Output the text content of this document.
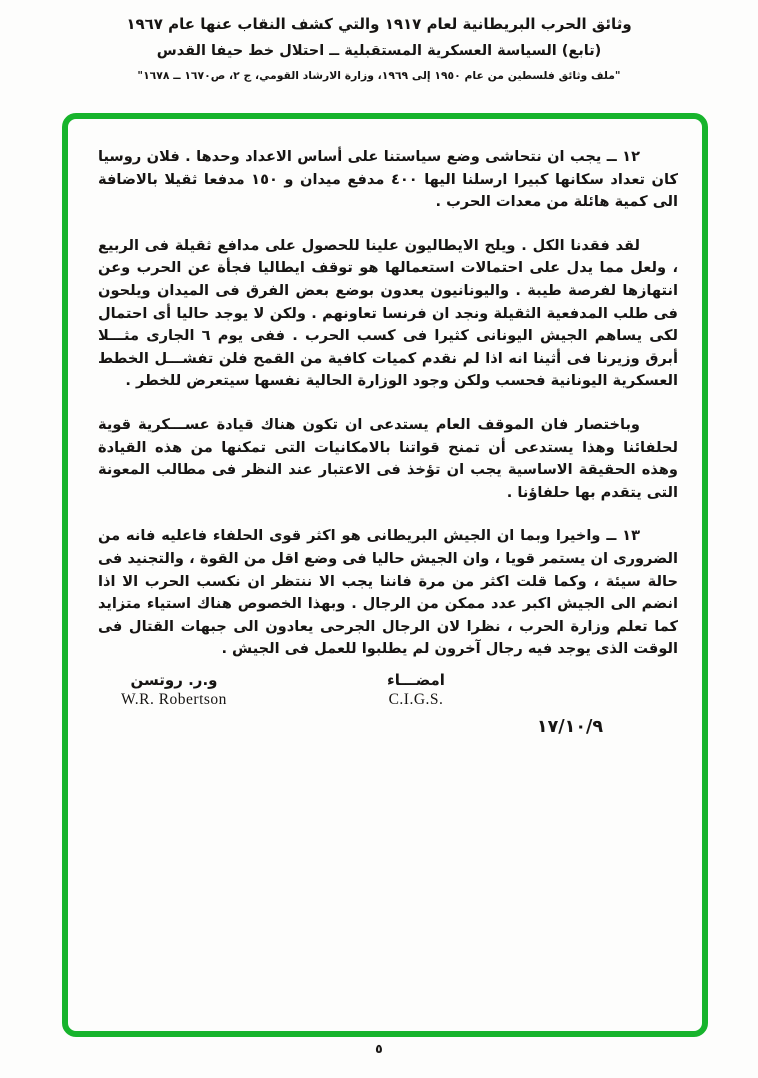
وثائق الحرب البريطانية لعام ١٩١٧ والتي كشف النقاب عنها عام ١٩٦٧
(تابع) السياسة العسكرية المستقبلية ــ احتلال خط حيفا القدس
"ملف وثائق فلسطين من عام ١٩٥٠ إلى ١٩٦٩، وزارة الارشاد القومي، ج ٢، ص١٦٧٠ ــ ١٦٧٨"

١٢ ــ يجب ان نتحاشى وضع سياستنا على أساس الاعداد وحدها . فلان روسيا كان تعداد سكانها كبيرا ارسلنا اليها ٤٠٠ مدفع ميدان و ١٥٠ مدفعا ثقيلا بالاضافة الى كمية هائلة من معدات الحرب .

لقد فقدنا الكل . ويلح الايطاليون علينا للحصول على مدافع ثقيلة فى الربيع ، ولعل مما يدل على احتمالات استعمالها هو توقف ايطاليا فجأة عن الحرب وعن انتهازها لفرصة طيبة . واليونانيون يعدون بوضع بعض الفرق فى الميدان ويلحون فى طلب المدفعية الثقيلة ونجد ان فرنسا تعاونهم . ولكن لا يوجد حاليا أى احتمال لكى يساهم الجيش اليونانى كثيرا فى كسب الحرب . ففى يوم ٦ الجارى مثـــلا أبرق وزيرنا فى أثينا انه اذا لم نقدم كميات كافية من القمح فلن تفشـــل الخطط العسكرية اليونانية فحسب ولكن وجود الوزارة الحالية نفسها سيتعرض للخطر .

وباختصار فان الموقف العام يستدعى ان تكون هناك قيادة عســـكرية قوية لحلفائنا وهذا يستدعى أن تمنح قواتنا بالامكانيات التى تمكنها من هذه القيادة وهذه الحقيقة الاساسية يجب ان تؤخذ فى الاعتبار عند النظر فى مطالب المعونة التى يتقدم بها حلفاؤنا .

١٣ ــ واخيرا وبما ان الجيش البريطانى هو اكثر قوى الحلفاء فاعليه فانه من الضرورى ان يستمر قويا ، وان الجيش حاليا فى وضع اقل من القوة ، والتجنيد فى حالة سيئة ، وكما قلت اكثر من مرة فاننا يجب الا ننتظر ان نكسب الحرب الا اذا انضم الى الجيش اكبر عدد ممكن من الرجال . وبهذا الخصوص هناك استياء متزايد كما تعلم وزارة الحرب ، نظرا لان الرجال الجرحى يعادون الى جبهات القتال فى الوقت الذى يوجد فيه رجال آخرون لم يطلبوا للعمل فى الجيش .

امضـــاء
C.I.G.S.
و.ر. روتسن
W.R. Robertson
١٧/١٠/٩
٥
